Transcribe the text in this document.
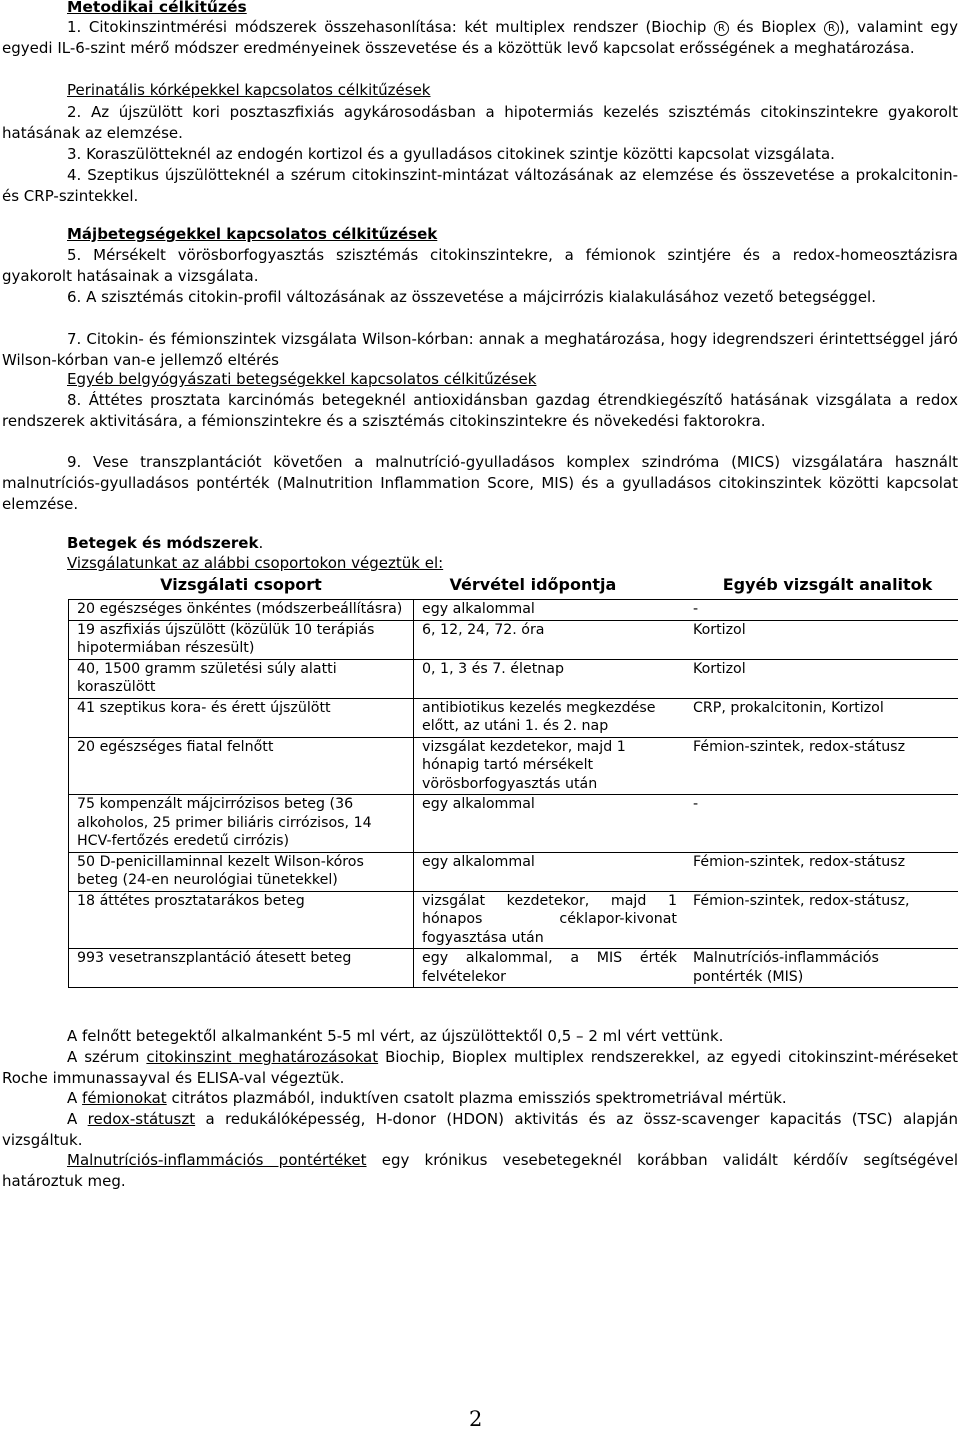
Metodikai célkitűzés

1. Citokinszintmérési módszerek összehasonlítása: két multiplex rendszer (Biochip R és Bioplex R ), valamint egy egyedi IL-6-szint mérő módszer eredményeinek összevetése és a közöttük levő kapcsolat erősségének a meghatározása.

Perinatális kórképekkel kapcsolatos célkitűzések

2. Az újszülött kori posztaszfixiás agykárosodásban a hipotermiás kezelés szisztémás citokinszintekre gyakorolt hatásának az elemzése.

3. Koraszülötteknél az endogén kortizol és a gyulladásos citokinek szintje közötti kapcsolat vizsgálata.

4. Szeptikus újszülötteknél a szérum citokinszint-mintázat változásának az elemzése és összevetése a prokalcitonin- és CRP-szintekkel.

Májbetegségekkel kapcsolatos célkitűzések

5. Mérsékelt vörösborfogyasztás szisztémás citokinszintekre, a fémionok szintjére és a redox-homeosztázisra gyakorolt hatásainak a vizsgálata.

6. A szisztémás citokin-profil változásának az összevetése a májcirrózis kialakulásához vezető betegséggel.

7. Citokin- és fémionszintek vizsgálata Wilson-kórban: annak a meghatározása, hogy idegrendszeri érintettséggel járó Wilson-kórban van-e jellemző eltérés

Egyéb belgyógyászati betegségekkel kapcsolatos célkitűzések

8. Áttétes prosztata karcinómás betegeknél antioxidánsban gazdag étrendkiegészítő hatásának vizsgálata a redox rendszerek aktivitására, a fémionszintekre és a szisztémás citokinszintekre és növekedési faktorokra.

9. Vese transzplantációt követően a malnutríció-gyulladásos komplex szindróma (MICS) vizsgálatára használt malnutríciós-gyulladásos pontérték (Malnutrition Inflammation Score, MIS) és a gyulladásos citokinszintek közötti kapcsolat elemzése.

Betegek és módszerek.
Vizsgálatunkat az alábbi csoportokon végeztük el:
Vizsgálati csoport	Vérvétel időpontja	Egyéb vizsgált analitok
20 egészséges önkéntes (módszerbeállításra)	egy alkalommal	-
19 aszfixiás újszülött (közülük 10 terápiás hipotermiában részesült)	6, 12, 24, 72. óra	Kortizol
40, 1500 gramm születési súly alatti koraszülött	0, 1, 3 és 7. életnap	Kortizol
41 szeptikus kora- és érett újszülött	antibiotikus kezelés megkezdése előtt, az utáni 1. és 2. nap	CRP, prokalcitonin, Kortizol
20 egészséges fiatal felnőtt	vizsgálat kezdetekor, majd 1 hónapig tartó mérsékelt vörösborfogyasztás után	Fémion-szintek, redox-státusz
75 kompenzált májcirrózisos beteg (36 alkoholos, 25 primer biliáris cirrózisos, 14 HCV-fertőzés eredetű cirrózis)	egy alkalommal	-
50 D-penicillaminnal kezelt Wilson-kóros beteg (24-en neurológiai tünetekkel)	egy alkalommal	Fémion-szintek, redox-státusz
18 áttétes prosztatarákos beteg	vizsgálat kezdetekor, majd 1 hónapos céklapor-kivonat fogyasztása után	Fémion-szintek, redox-státusz,
993 vesetranszplantáció átesett beteg	egy alkalommal, a MIS érték felvételekor	Malnutríciós-inflammációs pontérték (MIS)

A felnőtt betegektől alkalmanként 5-5 ml vért, az újszülöttektől 0,5 – 2 ml vért vettünk.

A szérum citokinszint meghatározásokat Biochip, Bioplex multiplex rendszerekkel, az egyedi citokinszint-méréseket Roche immunassayval és ELISA-val végeztük.

A fémionokat citrátos plazmából, induktíven csatolt plazma emissziós spektrometriával mértük.

A redox-státuszt a redukálóképesség, H-donor (HDON) aktivitás és az össz-scavenger kapacitás (TSC) alapján vizsgáltuk.

Malnutríciós-inflammációs pontértéket egy krónikus vesebetegeknél korábban validált kérdőív segítségével határoztuk meg.

2
